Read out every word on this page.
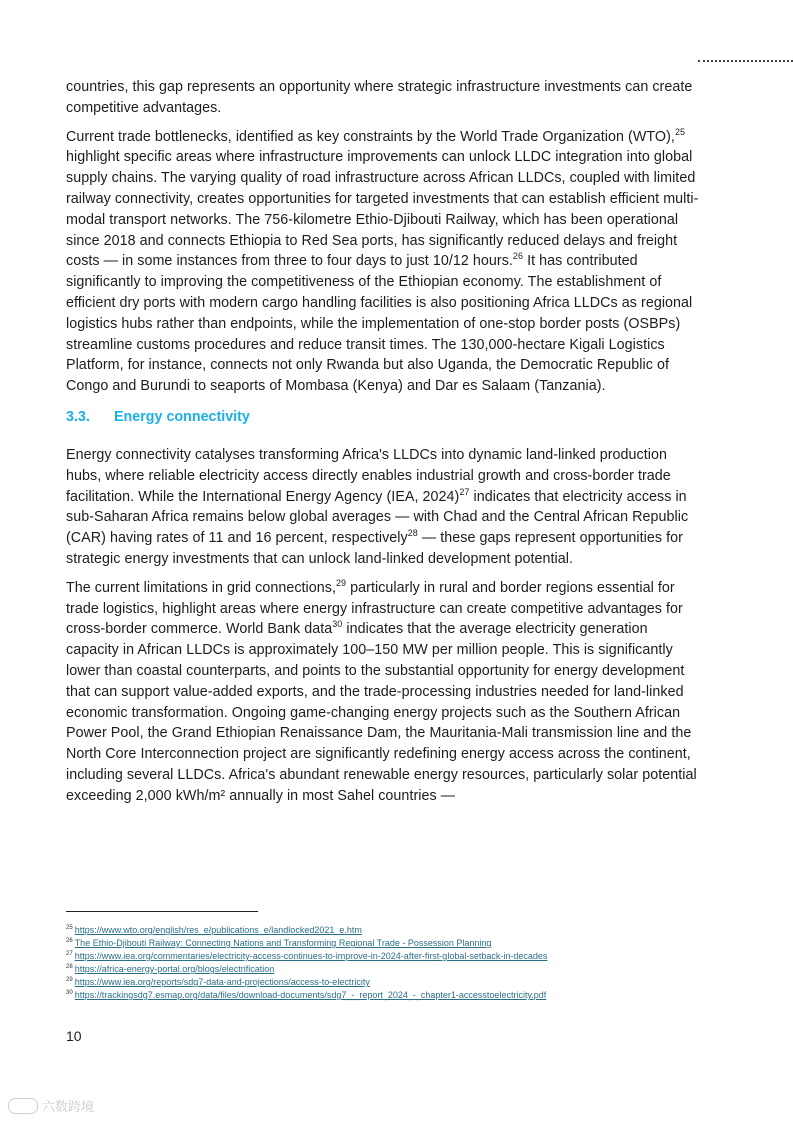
countries, this gap represents an opportunity where strategic infrastructure investments can create competitive advantages.

Current trade bottlenecks, identified as key constraints by the World Trade Organization (WTO),$^{25}$ highlight specific areas where infrastructure improvements can unlock LLDC integration into global supply chains. The varying quality of road infrastructure across African LLDCs, coupled with limited railway connectivity, creates opportunities for targeted investments that can establish efficient multi-modal transport networks. The 756-kilometre Ethio-Djibouti Railway, which has been operational since 2018 and connects Ethiopia to Red Sea ports, has significantly reduced delays and freight costs — in some instances from three to four days to just 10/12 hours.$^{26}$ It has contributed significantly to improving the competitiveness of the Ethiopian economy. The establishment of efficient dry ports with modern cargo handling facilities is also positioning Africa LLDCs as regional logistics hubs rather than endpoints, while the implementation of one-stop border posts (OSBPs) streamline customs procedures and reduce transit times. The 130,000-hectare Kigali Logistics Platform, for instance, connects not only Rwanda but also Uganda, the Democratic Republic of Congo and Burundi to seaports of Mombasa (Kenya) and Dar es Salaam (Tanzania).

3.3.	Energy connectivity

Energy connectivity catalyses transforming Africa's LLDCs into dynamic land-linked production hubs, where reliable electricity access directly enables industrial growth and cross-border trade facilitation. While the International Energy Agency (IEA, 2024)$^{27}$ indicates that electricity access in sub-Saharan Africa remains below global averages — with Chad and the Central African Republic (CAR) having rates of 11 and 16 percent, respectively$^{28}$ — these gaps represent opportunities for strategic energy investments that can unlock land-linked development potential.

The current limitations in grid connections,$^{29}$ particularly in rural and border regions essential for trade logistics, highlight areas where energy infrastructure can create competitive advantages for cross-border commerce. World Bank data$^{30}$ indicates that the average electricity generation capacity in African LLDCs is approximately 100–150 MW per million people. This is significantly lower than coastal counterparts, and points to the substantial opportunity for energy development that can support value-added exports, and the trade-processing industries needed for land-linked economic transformation. Ongoing game-changing energy projects such as the Southern African Power Pool, the Grand Ethiopian Renaissance Dam, the Mauritania-Mali transmission line and the North Core Interconnection project are significantly redefining energy access across the continent, including several LLDCs. Africa's abundant renewable energy resources, particularly solar potential exceeding 2,000 kWh/m² annually in most Sahel countries —

$^{25}$ https://www.wto.org/english/res_e/publications_e/landlocked2021_e.htm
$^{26}$ The Ethio-Djibouti Railway: Connecting Nations and Transforming Regional Trade - Possession Planning
$^{27}$ https://www.iea.org/commentaries/electricity-access-continues-to-improve-in-2024-after-first-global-setback-in-decades
$^{28}$ https://africa-energy-portal.org/blogs/electrification
$^{29}$ https://www.iea.org/reports/sdg7-data-and-projections/access-to-electricity
$^{30}$ https://trackingsdg7.esmap.org/data/files/download-documents/sdg7_-_report_2024_-_chapter1-accesstoelectricity.pdf
10
六数跨境
